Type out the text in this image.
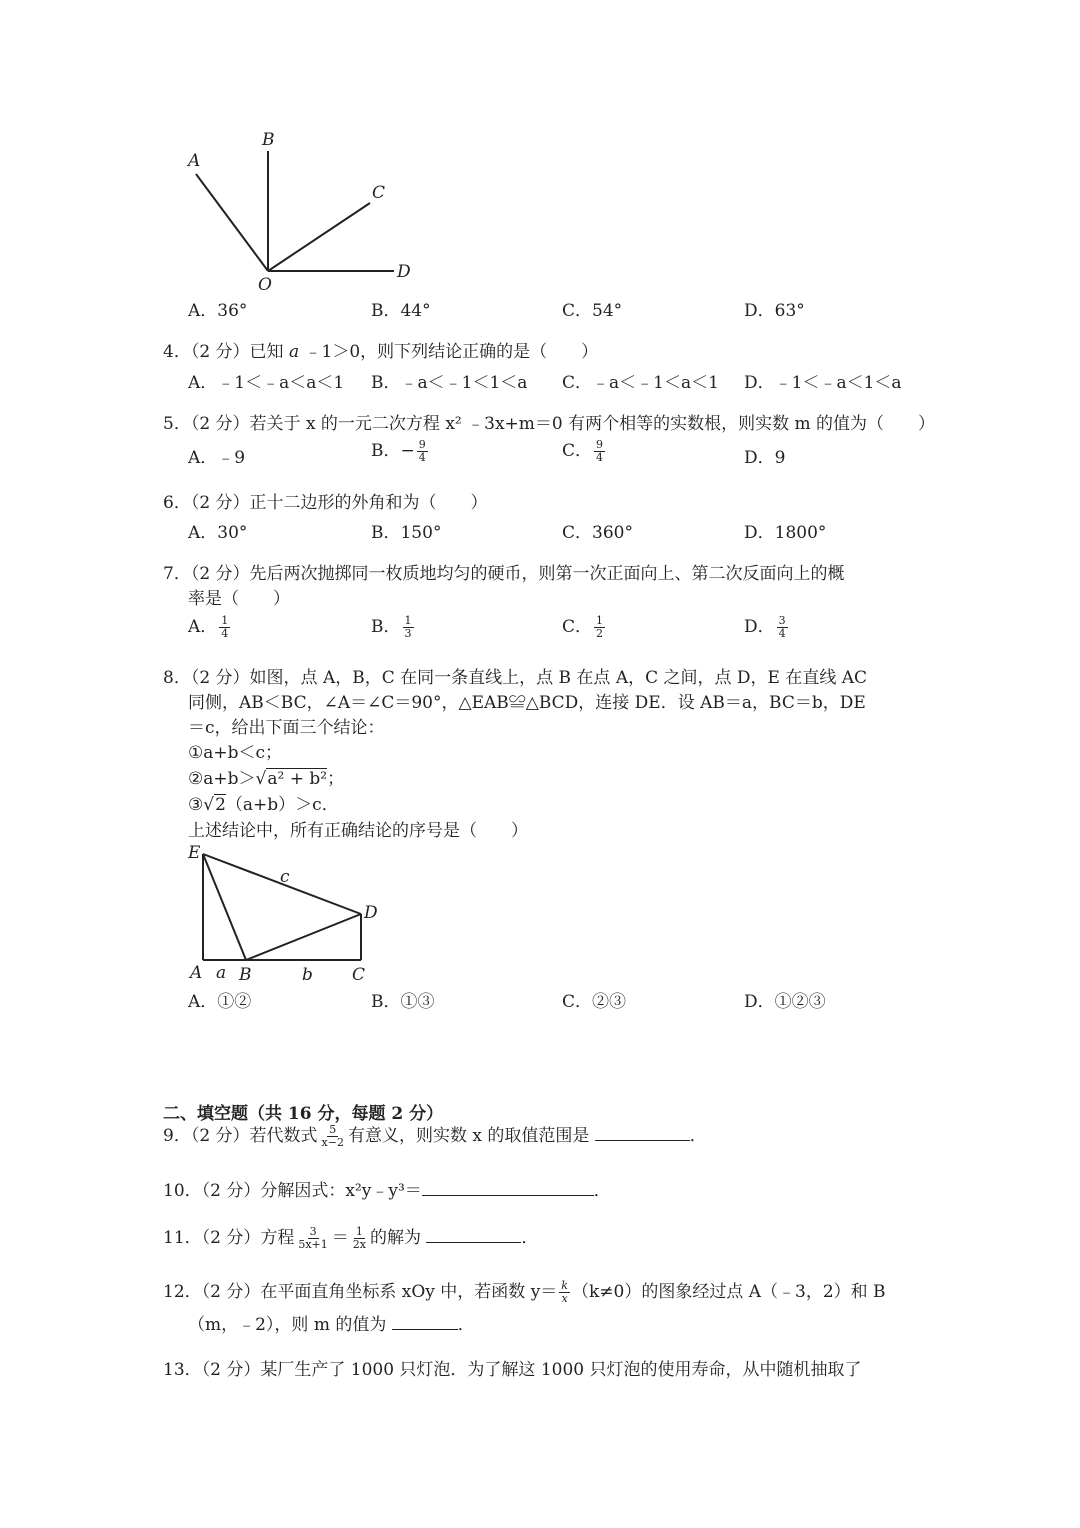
A
B
C
O
D
A．36°	B．44°	C．54°	D．63°
4．（2 分）已知 a ﹣1＞0，则下列结论正确的是（　　）
A．﹣1＜﹣a＜a＜1 B．﹣a＜﹣1＜1＜a C．﹣a＜﹣1＜a＜1 D．﹣1＜﹣a＜1＜a
5．（2 分）若关于 x 的一元二次方程 x² ﹣3x+m＝0 有两个相等的实数根，则实数 m 的值为（　　）
A．﹣9	B．− $\frac{9}{4}$	C． $\frac{9}{4}$	D．9
6．（2 分）正十二边形的外角和为（　　）
A．30°	B．150°	C．360°	D．1800°
7．（2 分）先后两次抛掷同一枚质地均匀的硬币，则第一次正面向上、第二次反面向上的概
率是（　　）
A． $\frac{1}{4}$	B． $\frac{1}{3}$	C． $\frac{1}{2}$	D． $\frac{3}{4}$
8．（2 分）如图，点 A，B，C 在同一条直线上，点 B 在点 A，C 之间，点 D，E 在直线 AC
同侧，AB＜BC，∠A＝∠C＝90°，△EAB≌△BCD，连接 DE．设 AB＝a，BC＝b，DE
＝c，给出下面三个结论：
①a+b＜c；
②a+b＞√a² + b²；
③√2（a+b）＞c．
上述结论中，所有正确结论的序号是（　　）
E
c
D
A a B	b C
A．①②	B．①③	C．②③	D．①②③
二、填空题（共 16 分，每题 2 分）
9．（2 分）若代数式 $\frac{5}{x-2}$ 有意义，则实数 x 的取值范围是	．
10．（2 分）分解因式：x²y﹣y³＝	．
11．（2 分）方程 $\frac{3}{5x+1} = \frac{1}{2x}$ 的解为	．
12．（2 分）在平面直角坐标系 xOy 中，若函数 $y= \frac{k}{x} (k\ne 0)$的图象经过点 A（﹣3，2）和 B
（m，﹣2），则 m 的值为	．
13．（2 分）某厂生产了 1000 只灯泡．为了解这 1000 只灯泡的使用寿命，从中随机抽取了
